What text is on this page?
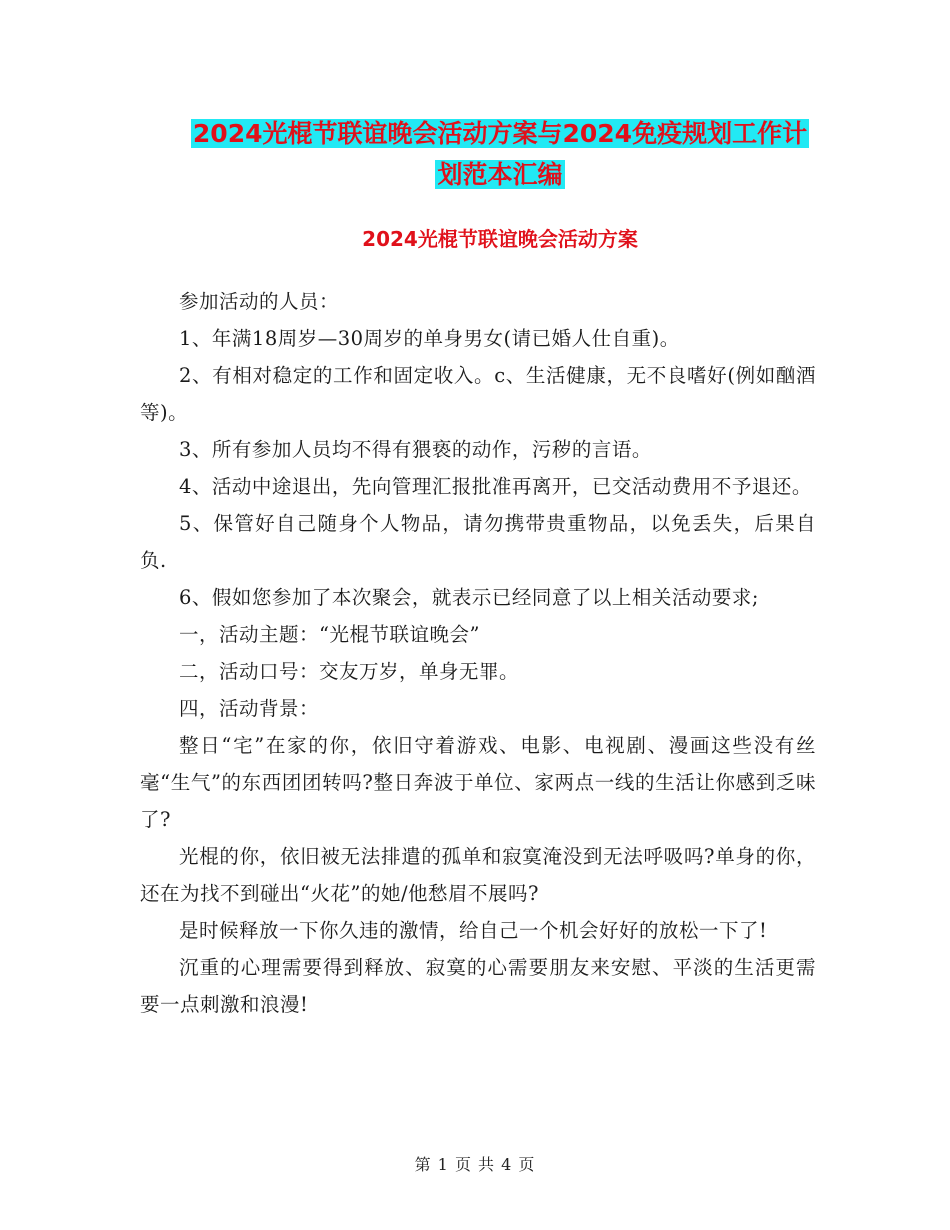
2024光棍节联谊晚会活动方案与2024免疫规划工作计
划范本汇编
2024光棍节联谊晚会活动方案

参加活动的人员：

1、年满18周岁—30周岁的单身男女(请已婚人仕自重)。

2、有相对稳定的工作和固定收入。c、生活健康，无不良嗜好(例如酗酒等)。

3、所有参加人员均不得有猥亵的动作，污秽的言语。

4、活动中途退出，先向管理汇报批准再离开，已交活动费用不予退还。

5、保管好自己随身个人物品，请勿携带贵重物品，以免丢失，后果自负.

6、假如您参加了本次聚会，就表示已经同意了以上相关活动要求;

一，活动主题：“光棍节联谊晚会”

二，活动口号：交友万岁，单身无罪。

四，活动背景：

整日“宅”在家的你，依旧守着游戏、电影、电视剧、漫画这些没有丝毫“生气”的东西团团转吗?整日奔波于单位、家两点一线的生活让你感到乏味了?

光棍的你，依旧被无法排遣的孤单和寂寞淹没到无法呼吸吗?单身的你，还在为找不到碰出“火花”的她/他愁眉不展吗?

是时候释放一下你久违的激情，给自己一个机会好好的放松一下了!

沉重的心理需要得到释放、寂寞的心需要朋友来安慰、平淡的生活更需要一点刺激和浪漫!

第 1 页 共 4 页
